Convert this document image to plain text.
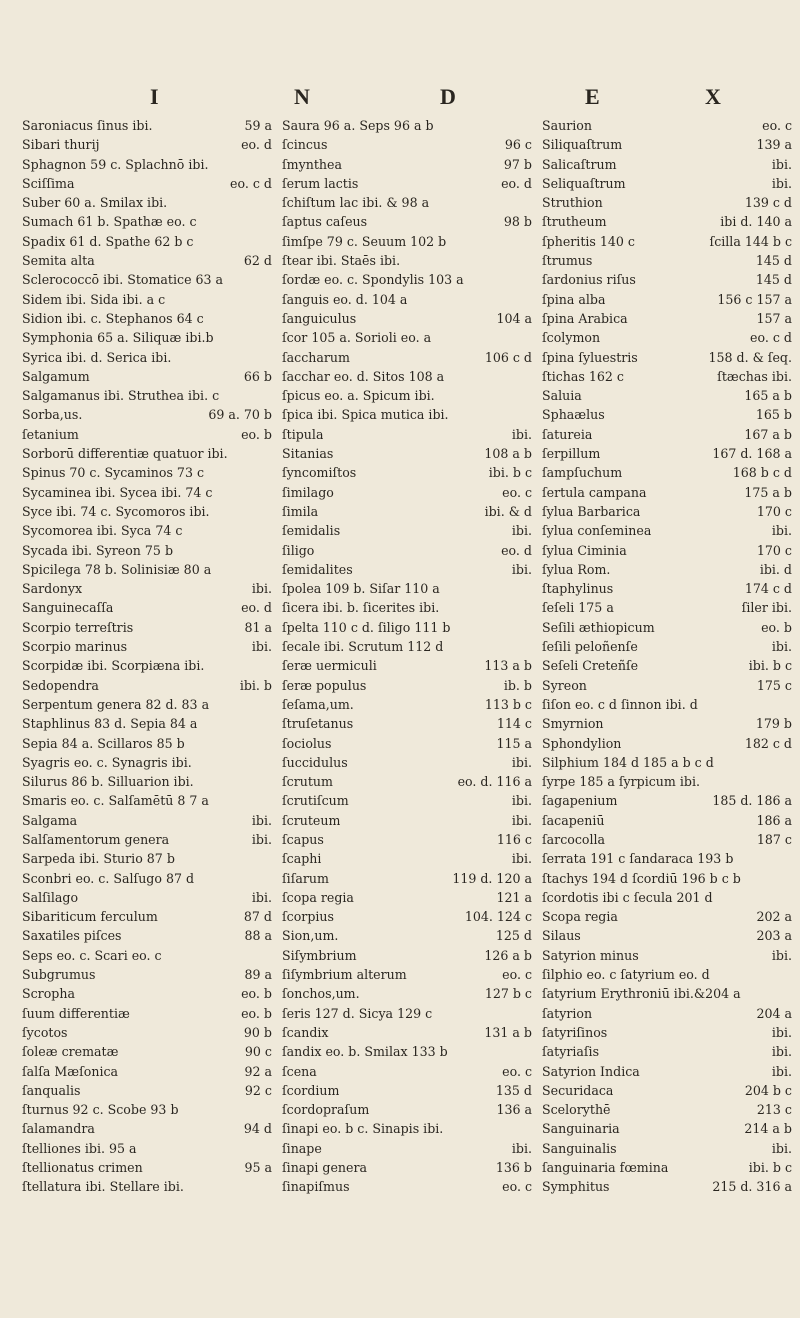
I	N	D	E	X
Saroniacus ſinus ibi.	59 a
Sibari thurij	eo. d
Sphagnon 59 c. Splachnō ibi.
Sciſſima	eo. c d
Suber 60 a. Smilax ibi.
Sumach 61 b. Spathæ eo. c
Spadix 61 d. Spathe 62 b c
Semita alta	62 d
Sclerococcō ibi. Stomatice 63 a
Sidem ibi. Sida ibi. a c
Sidion ibi. c. Stephanos 64 c
Symphonia 65 a. Siliquæ ibi.b
Syrica ibi. d. Serica ibi.
Salgamum	66 b
Salgamanus ibi. Struthea ibi. c
Sorba,us.	69 a. 70 b
ſetanium	eo. b
Sorborū differentiæ quatuor ibi.
Spinus 70 c. Sycaminos 73 c
Sycaminea ibi. Sycea ibi. 74 c
Syce ibi. 74 c. Sycomoros ibi.
Sycomorea ibi. Syca 74 c
Sycada ibi. Syreon 75 b
Spicilega 78 b. Solinisiæ 80 a
Sardonyx	ibi.
Sanguinecaſſa	eo. d
Scorpio terreſtris	81 a
Scorpio marinus	ibi.
Scorpidæ ibi. Scorpiæna ibi.
Sedopendra	ibi. b
Serpentum genera 82 d. 83 a
Staphlinus 83 d. Sepia 84 a
Sepia 84 a. Scillaros 85 b
Syagris eo. c. Synagris ibi.
Silurus 86 b. Silluarion ibi.
Smaris eo. c. Salſamētū 8 7 a
Salgama	ibi.
Salſamentorum genera	ibi.
Sarpeda ibi. Sturio 87 b
Sconbri eo. c. Salſugo 87 d
Salſilago	ibi.
Sibariticum ferculum	87 d
Saxatiles piſces	88 a
Seps eo. c. Scari eo. c
Subgrumus	89 a
Scropha	eo. b
ſuum differentiæ	eo. b
ſycotos	90 b
ſoleæ crematæ	90 c
ſalſa Mæſonica	92 a
ſanqualis	92 c
ſturnus 92 c. Scobe 93 b
ſalamandra	94 d
ſtelliones ibi. 95 a
ſtellionatus crimen	95 a
ſtellatura ibi. Stellare ibi.
Saura 96 a. Seps 96 a b
ſcincus	96 c
ſmynthea	97 b
ſerum lactis	eo. d
ſchiſtum lac ibi. & 98 a
ſaptus caſeus	98 b
ſimſpe 79 c. Seuum 102 b
ſtear ibi. Staēs ibi.
ſordæ eo. c. Spondylis 103 a
ſanguis eo. d. 104 a
ſanguiculus	104 a
ſcor 105 a. Sorioli eo. a
ſaccharum	106 c d
ſacchar eo. d. Sitos 108 a
ſpicus eo. a. Spicum ibi.
ſpica ibi. Spica mutica ibi.
ſtipula	ibi.
Sitanias	108 a b
ſyncomiſtos	ibi. b c
ſimilago	eo. c
ſimila	ibi. & d
ſemidalis	ibi.
ſiligo	eo. d
ſemidalites	ibi.
ſpolea 109 b. Siſar 110 a
ſicera ibi. b. ſicerites ibi.
ſpelta 110 c d. ſiligo 111 b
ſecale ibi. Scrutum 112 d
ſeræ uermiculi	113 a b
ſeræ populus	ib. b
ſeſama,um.	113 b c
ſtruſetanus	114 c
ſociolus	115 a
ſuccidulus	ibi.
ſcrutum	eo. d. 116 a
ſcrutiſcum	ibi.
ſcruteum	ibi.
ſcapus	116 c
ſcaphi	ibi.
ſiſarum	119 d. 120 a
ſcopa regia	121 a
ſcorpius	104. 124 c
Sion,um.	125 d
Siſymbrium	126 a b
ſiſymbrium alterum	eo. c
ſonchos,um.	127 b c
ſeris 127 d. Sicya 129 c
ſcandix	131 a b
ſandix eo. b. Smilax 133 b
ſcena	eo. c
ſcordium	135 d
ſcordopraſum	136 a
ſinapi eo. b c. Sinapis ibi.
ſinape	ibi.
ſinapi genera	136 b
ſinapiſmus	eo. c
Saurion	eo. c
Siliquaſtrum	139 a
Salicaſtrum	ibi.
Seliquaſtrum	ibi.
Struthion	139 c d
ſtrutheum	ibi d. 140 a
ſpheritis 140 c	ſcilla 144 b c
ſtrumus	145 d
ſardonius riſus	145 d
ſpina alba	156 c 157 a
ſpina Arabica	157 a
ſcolymon	eo. c d
ſpina ſyluestris	158 d. & ſeq.
ſtichas 162 c	ſtæchas ibi.
Saluia	165 a b
Sphaælus	165 b
ſatureia	167 a b
ſerpillum	167 d. 168 a
ſampſuchum	168 b c d
ſertula campana	175 a b
ſylua Barbarica	170 c
ſylua conſeminea	ibi.
ſylua Ciminia	170 c
ſylua Rom.	ibi. d
ſtaphylinus	174 c d
ſeſeli 175 a	ſiler ibi.
Seſili æthiopicum	eo. b
ſeſili peloñenſe	ibi.
Seſeli Creteñſe	ibi. b c
Syreon	175 c
ſiſon eo. c d ſinnon ibi. d
Smyrnion	179 b
Sphondylion	182 c d
Silphium 184 d 185 a b c d
ſyrpe 185 a ſyrpicum ibi.
ſagapenium	185 d. 186 a
ſacapeniū	186 a
ſarcocolla	187 c
ſerrata 191 c ſandaraca 193 b
ſtachys 194 d ſcordiū 196 b c b
ſcordotis ibi c ſecula 201 d
Scopa regia	202 a
Silaus	203 a
Satyrion minus	ibi.
ſilphio eo. c ſatyrium eo. d
ſatyrium Erythroniū ibi.&204 a
ſatyrion	204 a
ſatyriſinos	ibi.
ſatyriaſis	ibi.
Satyrion Indica	ibi.
Securidaca	204 b c
Scelorythē	213 c
Sanguinaria	214 a b
Sanguinalis	ibi.
ſanguinaria fœmina	ibi. b c
Symphitus	215 d. 316 a
